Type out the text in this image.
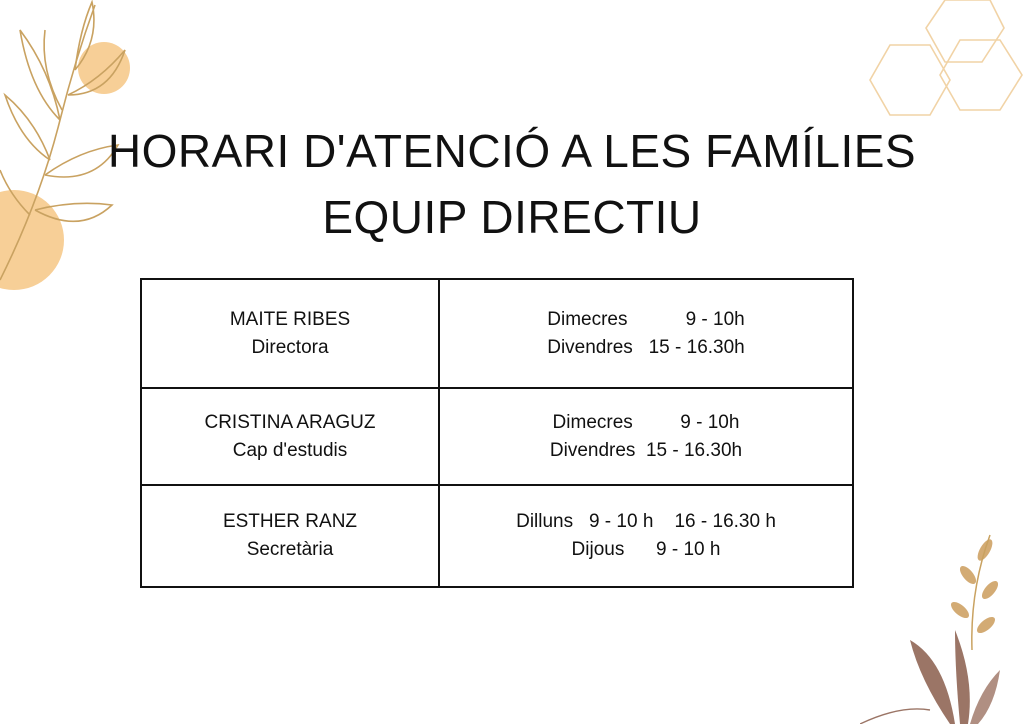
HORARI D'ATENCIÓ A LES FAMÍLIES
EQUIP DIRECTIU
MAITE RIBES
Directora	Dimecres           9 - 10h
Divendres   15 - 16.30h

CRISTINA ARAGUZ
Cap d'estudis	Dimecres         9 - 10h
Divendres  15 - 16.30h

ESTHER RANZ
Secretària	Dilluns   9 - 10 h    16 - 16.30 h
Dijous      9 - 10 h
